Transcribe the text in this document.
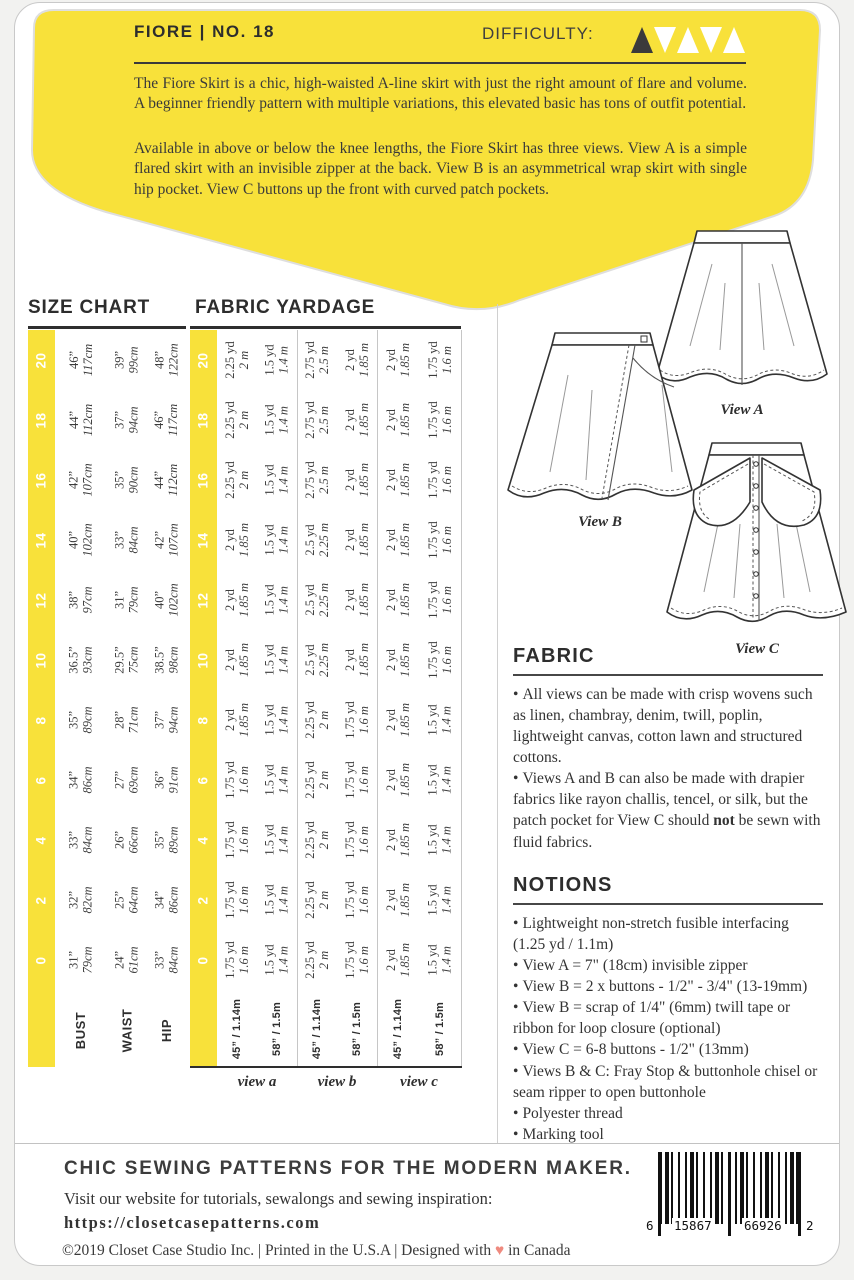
FIORE | NO. 18	DIFFICULTY:
The Fiore Skirt is a chic, high-waisted A-line skirt with just the right amount of flare and volume. A beginner friendly pattern with multiple variations, this elevated basic has tons of outfit potential.
Available in above or below the knee lengths, the Fiore Skirt has three views. View A is a simple flared skirt with an invisible zipper at the back. View B is an asymmetrical wrap skirt with single hip pocket. View C buttons up the front with curved patch pockets.
SIZE CHART FABRIC YARDAGE
20 46” 117cm 39” 99cm 48” 122cm
18 44” 112cm 37” 94cm 46” 117cm
16 42” 107cm 35” 90cm 44” 112cm
14 40” 102cm 33” 84cm 42” 107cm
12 38” 97cm 31” 79cm 40” 102cm
10 36.5” 93cm 29.5” 75cm 38.5” 98cm
8 35” 89cm 28” 71cm 37” 94cm
6 34” 86cm 27” 69cm 36” 91cm
4 33” 84cm 26” 66cm 35” 89cm
2 32” 82cm 25” 64cm 34” 86cm
0 31” 79cm 24” 61cm 33” 84cm
20 2.25 yd 2 m 1.5 yd 1.4 m 2.75 yd 2.5 m 2 yd 1.85 m 2 yd 1.85 m 1.75 yd 1.6 m
18 2.25 yd 2 m 1.5 yd 1.4 m 2.75 yd 2.5 m 2 yd 1.85 m 2 yd 1.85 m 1.75 yd 1.6 m
16 2.25 yd 2 m 1.5 yd 1.4 m 2.75 yd 2.5 m 2 yd 1.85 m 2 yd 1.85 m 1.75 yd 1.6 m
14 2 yd 1.85 m 1.5 yd 1.4 m 2.5 yd 2.25 m 2 yd 1.85 m 2 yd 1.85 m 1.75 yd 1.6 m
12 2 yd 1.85 m 1.5 yd 1.4 m 2.5 yd 2.25 m 2 yd 1.85 m 2 yd 1.85 m 1.75 yd 1.6 m
10 2 yd 1.85 m 1.5 yd 1.4 m 2.5 yd 2.25 m 2 yd 1.85 m 2 yd 1.85 m 1.75 yd 1.6 m
8 2 yd 1.85 m 1.5 yd 1.4 m 2.25 yd 2 m 1.75 yd 1.6 m 2 yd 1.85 m 1.5 yd 1.4 m
6 1.75 yd 1.6 m 1.5 yd 1.4 m 2.25 yd 2 m 1.75 yd 1.6 m 2 yd 1.85 m 1.5 yd 1.4 m
4 1.75 yd 1.6 m 1.5 yd 1.4 m 2.25 yd 2 m 1.75 yd 1.6 m 2 yd 1.85 m 1.5 yd 1.4 m
2 1.75 yd 1.6 m 1.5 yd 1.4 m 2.25 yd 2 m 1.75 yd 1.6 m 2 yd 1.85 m 1.5 yd 1.4 m
0 1.75 yd 1.6 m 1.5 yd 1.4 m 2.25 yd 2 m 1.75 yd 1.6 m 2 yd 1.85 m 1.5 yd 1.4 m
BUST WAIST HIP	45” / 1.14m	58” / 1.5m	45” / 1.14m	58” / 1.5m	45” / 1.14m	58” / 1.5m
view a	view b	view c
View A
View B
View C
FABRIC
• All views can be made with crisp wovens such as linen, chambray, denim, twill, poplin, lightweight canvas, cotton lawn and structured cottons.
• Views A and B can also be made with drapier fabrics like rayon challis, tencel, or silk, but the patch pocket for View C should not be sewn with fluid fabrics.
NOTIONS
• Lightweight non-stretch fusible interfacing (1.25 yd / 1.1m)
• View A = 7" (18cm) invisible zipper
• View B = 2 x buttons - 1/2" - 3/4" (13-19mm)
• View B = scrap of 1/4" (6mm) twill tape or ribbon for loop closure (optional)
• View C = 6-8 buttons - 1/2" (13mm)
• Views B & C: Fray Stop & buttonhole chisel or seam ripper to open buttonhole
• Polyester thread
• Marking tool
CHIC SEWING PATTERNS FOR THE MODERN MAKER.
Visit our website for tutorials, sewalongs and sewing inspiration:
https://closetcasepatterns.com
©2019 Closet Case Studio Inc. | Printed in the U.S.A | Designed with ♥ in Canada
6 15867	66926 2
